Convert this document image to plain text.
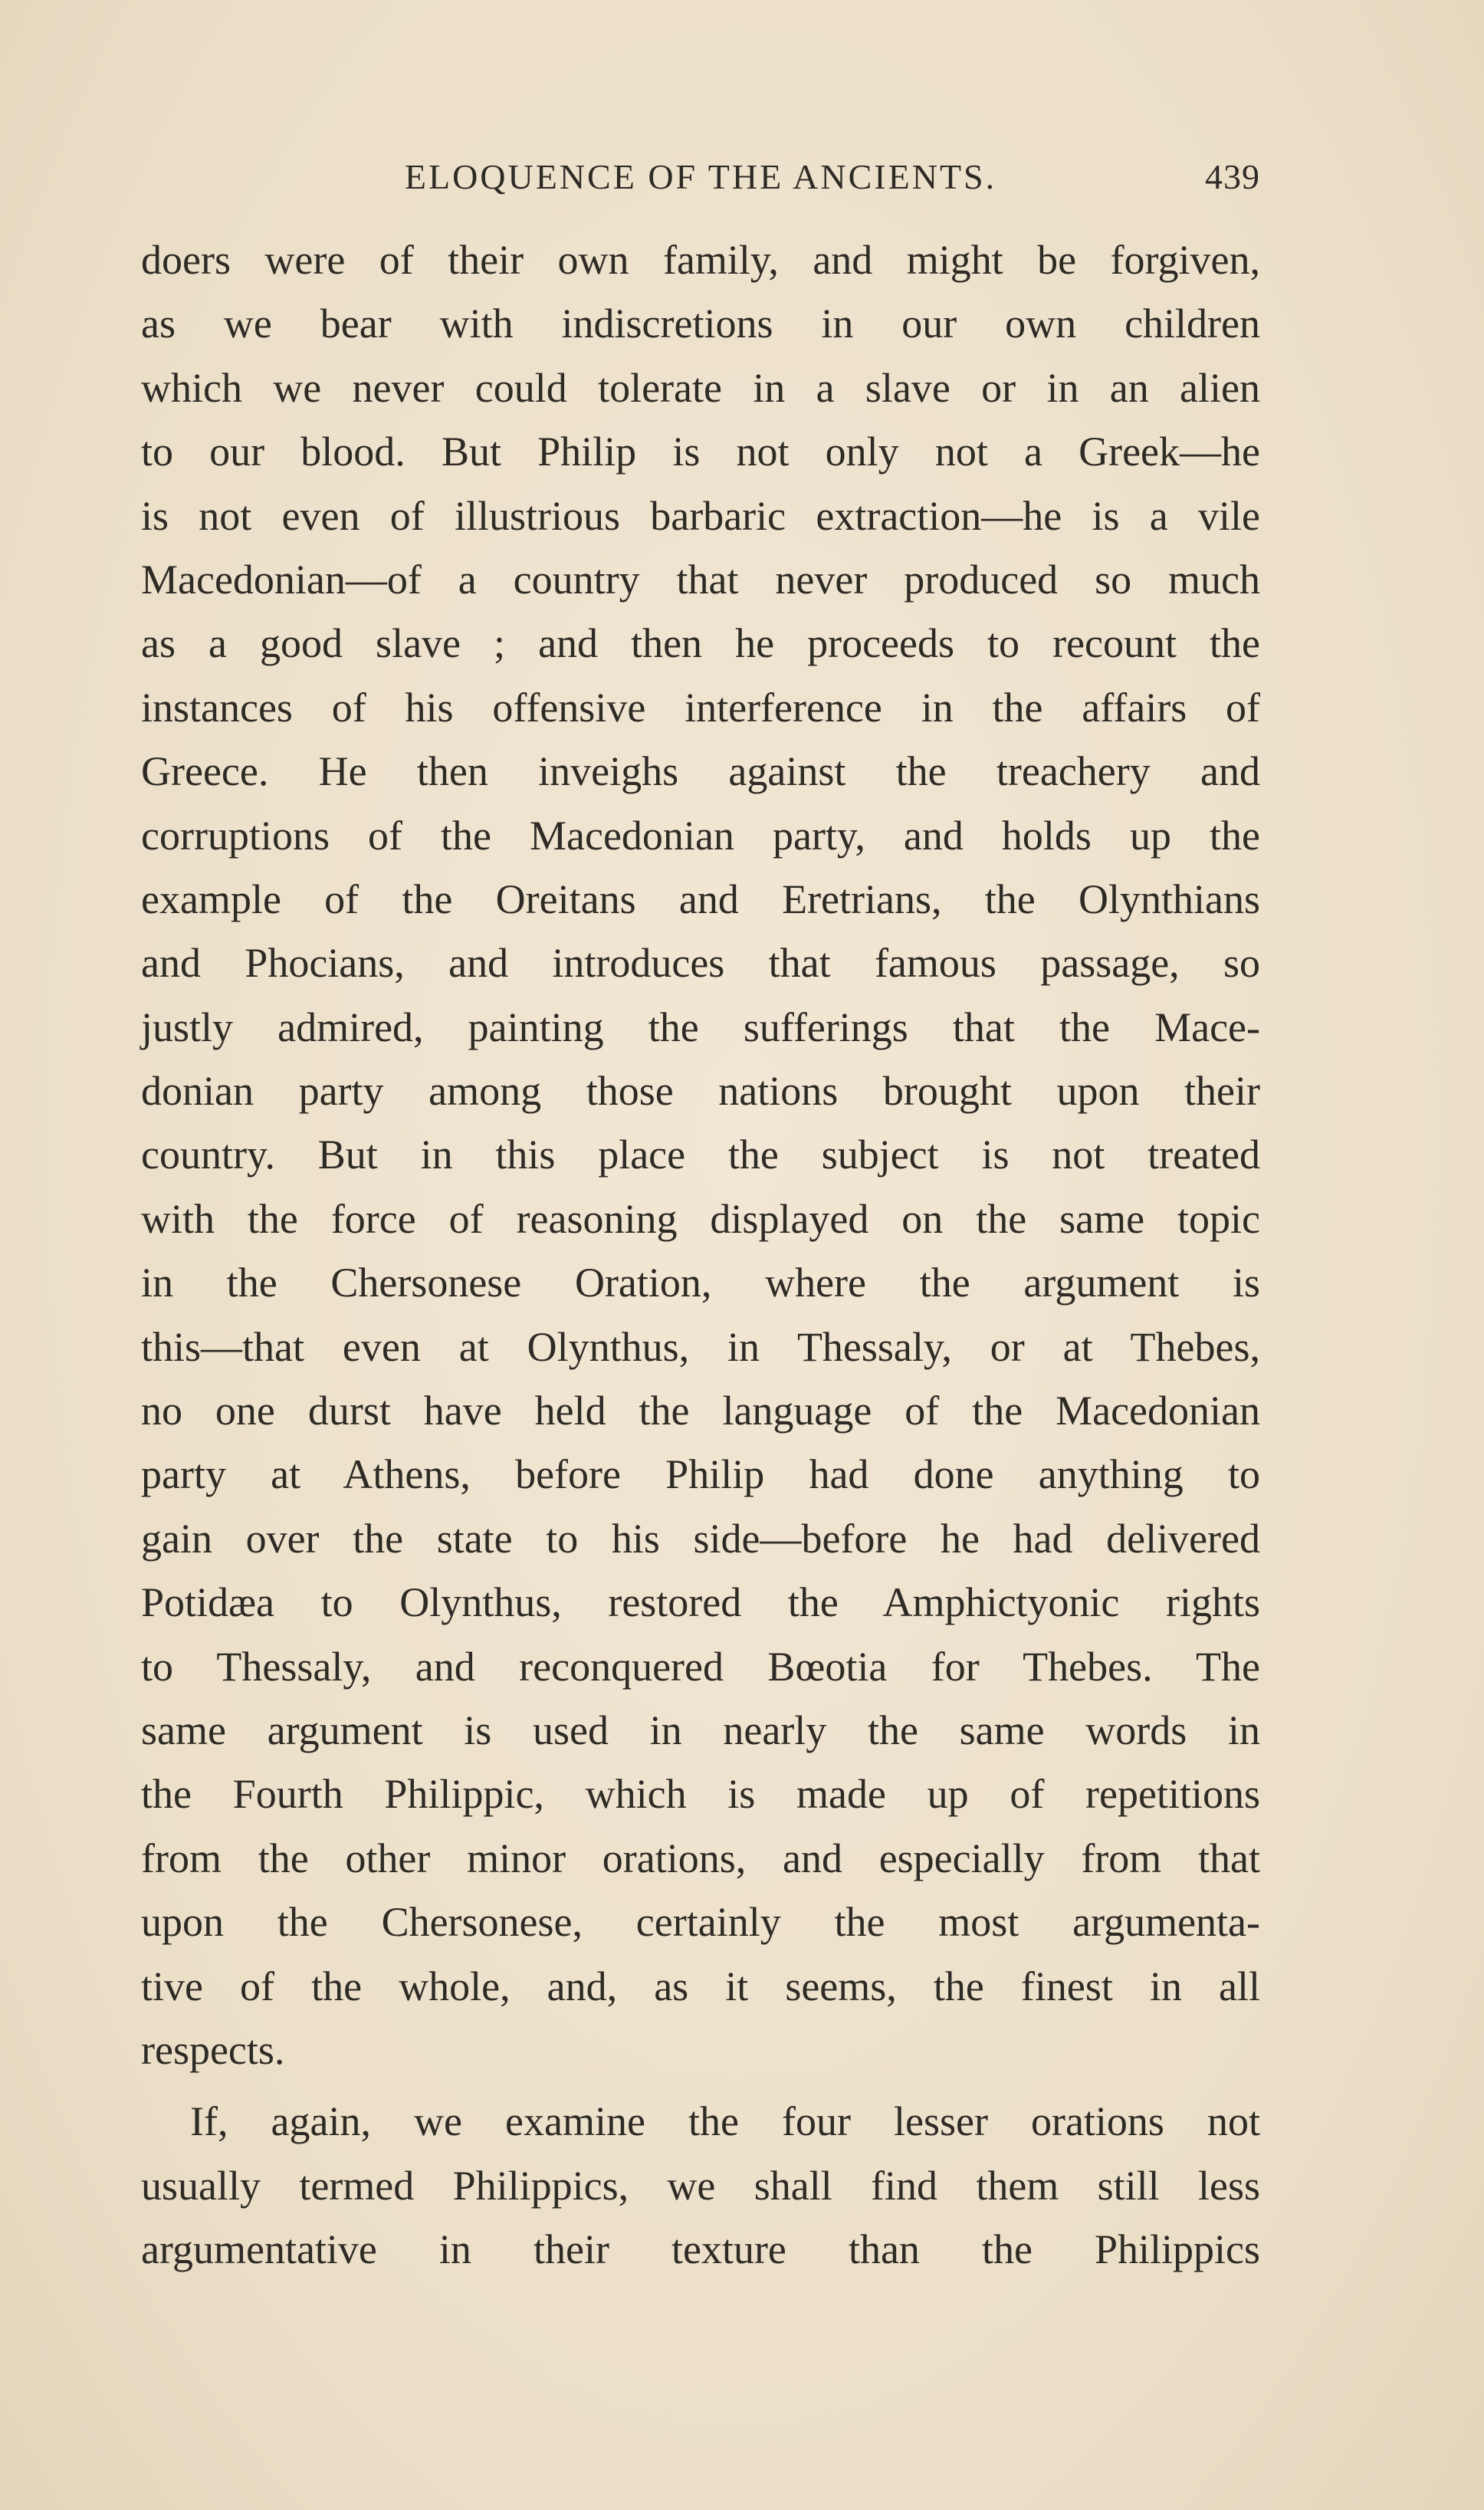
ELOQUENCE OF THE ANCIENTS.	439
doers were of their own family, and might be forgiven,
as we bear with indiscretions in our own children
which we never could tolerate in a slave or in an alien
to our blood. But Philip is not only not a Greek—he
is not even of illustrious barbaric extraction—he is a vile
Macedonian—of a country that never produced so much
as a good slave ; and then he proceeds to recount the
instances of his offensive interference in the affairs of
Greece. He then inveighs against the treachery and
corruptions of the Macedonian party, and holds up the
example of the Oreitans and Eretrians, the Olynthians
and Phocians, and introduces that famous passage, so
justly admired, painting the sufferings that the Mace-
donian party among those nations brought upon their
country. But in this place the subject is not treated
with the force of reasoning displayed on the same topic
in the Chersonese Oration, where the argument is
this—that even at Olynthus, in Thessaly, or at Thebes,
no one durst have held the language of the Macedonian
party at Athens, before Philip had done anything to
gain over the state to his side—before he had delivered
Potidæa to Olynthus, restored the Amphictyonic rights
to Thessaly, and reconquered Bœotia for Thebes. The
same argument is used in nearly the same words in
the Fourth Philippic, which is made up of repetitions
from the other minor orations, and especially from that
upon the Chersonese, certainly the most argumenta-
tive of the whole, and, as it seems, the finest in all
respects.
If, again, we examine the four lesser orations not
usually termed Philippics, we shall find them still less
argumentative in their texture than the Philippics
